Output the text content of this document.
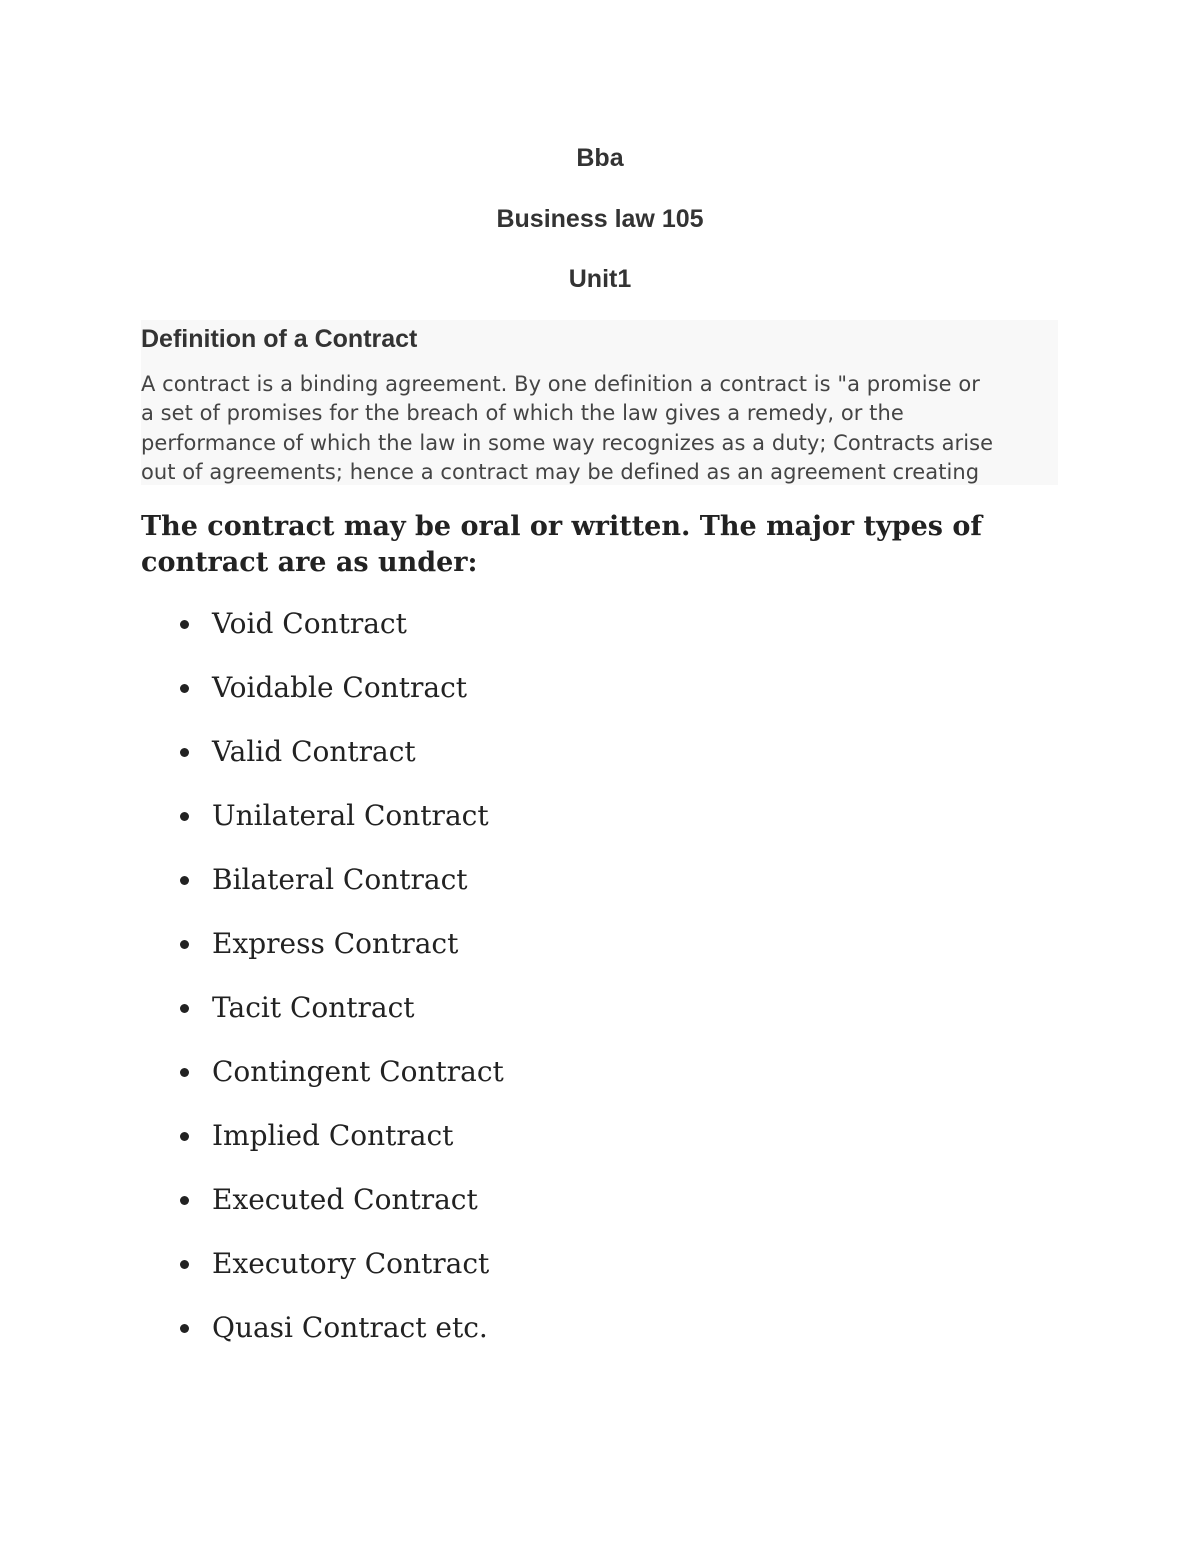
Bba
Business law 105
Unit1
Definition of a Contract

A contract is a binding agreement. By one definition a contract is "a promise or
a set of promises for the breach of which the law gives a remedy, or the
performance of which the law in some way recognizes as a duty; Contracts arise
out of agreements; hence a contract may be defined as an agreement creating

The contract may be oral or written. The major types of contract are as under:

Void Contract
Voidable Contract
Valid Contract
Unilateral Contract
Bilateral Contract
Express Contract
Tacit Contract
Contingent Contract
Implied Contract
Executed Contract
Executory Contract
Quasi Contract etc.
